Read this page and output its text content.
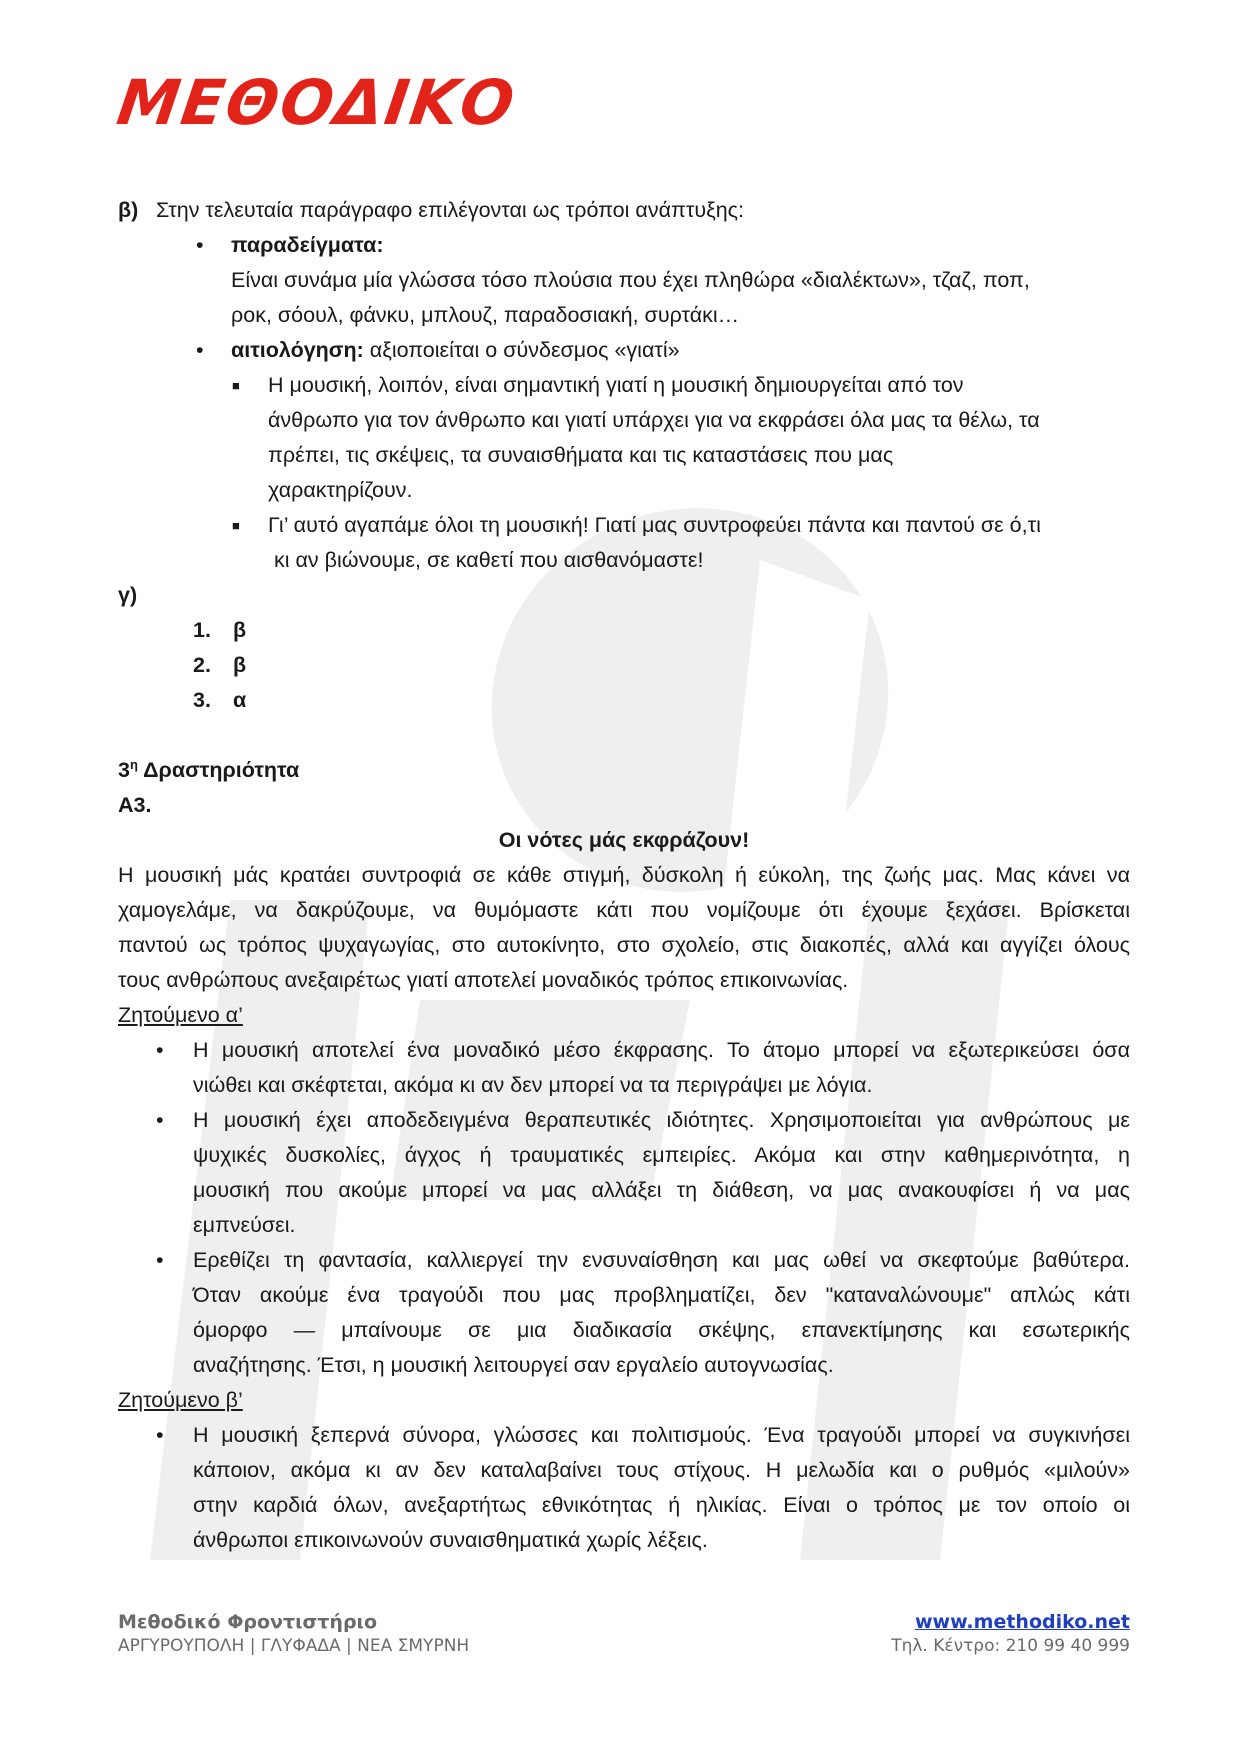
ΜΕΘΟΔΙΚΟ
β) Στην τελευταία παράγραφο επιλέγονται ως τρόποι ανάπτυξης:
• παραδείγματα:
Είναι συνάμα μία γλώσσα τόσο πλούσια που έχει πληθώρα «διαλέκτων», τζαζ, ποπ,
ροκ, σόουλ, φάνκυ, μπλουζ, παραδοσιακή, συρτάκι…
• αιτιολόγηση: αξιοποιείται ο σύνδεσμος «γιατί»
■ Η μουσική, λοιπόν, είναι σημαντική γιατί η μουσική δημιουργείται από τον
άνθρωπο για τον άνθρωπο και γιατί υπάρχει για να εκφράσει όλα μας τα θέλω, τα
πρέπει, τις σκέψεις, τα συναισθήματα και τις καταστάσεις που μας
χαρακτηρίζουν.
■ Γι’ αυτό αγαπάμε όλοι τη μουσική! Γιατί μας συντροφεύει πάντα και παντού σε ό,τι
κι αν βιώνουμε, σε καθετί που αισθανόμαστε!
γ)
1. β
2. β
3. α
$3^\eta$ Δραστηριότητα
Α3.
Οι νότες μάς εκφράζουν!
Η μουσική μάς κρατάει συντροφιά σε κάθε στιγμή, δύσκολη ή εύκολη, της ζωής μας. Μας κάνει να
χαμογελάμε, να δακρύζουμε, να θυμόμαστε κάτι που νομίζουμε ότι έχουμε ξεχάσει. Βρίσκεται
παντού ως τρόπος ψυχαγωγίας, στο αυτοκίνητο, στο σχολείο, στις διακοπές, αλλά και αγγίζει όλους
τους ανθρώπους ανεξαιρέτως γιατί αποτελεί μοναδικός τρόπος επικοινωνίας.
Ζητούμενο α’
• Η μουσική αποτελεί ένα μοναδικό μέσο έκφρασης. Το άτομο μπορεί να εξωτερικεύσει όσα
νιώθει και σκέφτεται, ακόμα κι αν δεν μπορεί να τα περιγράψει με λόγια.
• Η μουσική έχει αποδεδειγμένα θεραπευτικές ιδιότητες. Χρησιμοποιείται για ανθρώπους με
ψυχικές δυσκολίες, άγχος ή τραυματικές εμπειρίες. Ακόμα και στην καθημερινότητα, η
μουσική που ακούμε μπορεί να μας αλλάξει τη διάθεση, να μας ανακουφίσει ή να μας
εμπνεύσει.
• Ερεθίζει τη φαντασία, καλλιεργεί την ενσυναίσθηση και μας ωθεί να σκεφτούμε βαθύτερα.
Όταν ακούμε ένα τραγούδι που μας προβληματίζει, δεν "καταναλώνουμε" απλώς κάτι
όμορφο — μπαίνουμε σε μια διαδικασία σκέψης, επανεκτίμησης και εσωτερικής
αναζήτησης. Έτσι, η μουσική λειτουργεί σαν εργαλείο αυτογνωσίας.
Ζητούμενο β’
• Η μουσική ξεπερνά σύνορα, γλώσσες και πολιτισμούς. Ένα τραγούδι μπορεί να συγκινήσει
κάποιον, ακόμα κι αν δεν καταλαβαίνει τους στίχους. Η μελωδία και ο ρυθμός «μιλούν»
στην καρδιά όλων, ανεξαρτήτως εθνικότητας ή ηλικίας. Είναι ο τρόπος με τον οποίο οι
άνθρωποι επικοινωνούν συναισθηματικά χωρίς λέξεις.
Μεθοδικό Φροντιστήριο
ΑΡΓΥΡΟΥΠΟΛΗ | ΓΛΥΦΑΔΑ | ΝΕΑ ΣΜΥΡΝΗ
www.methodiko.net
Τηλ. Κέντρο: 210 99 40 999
